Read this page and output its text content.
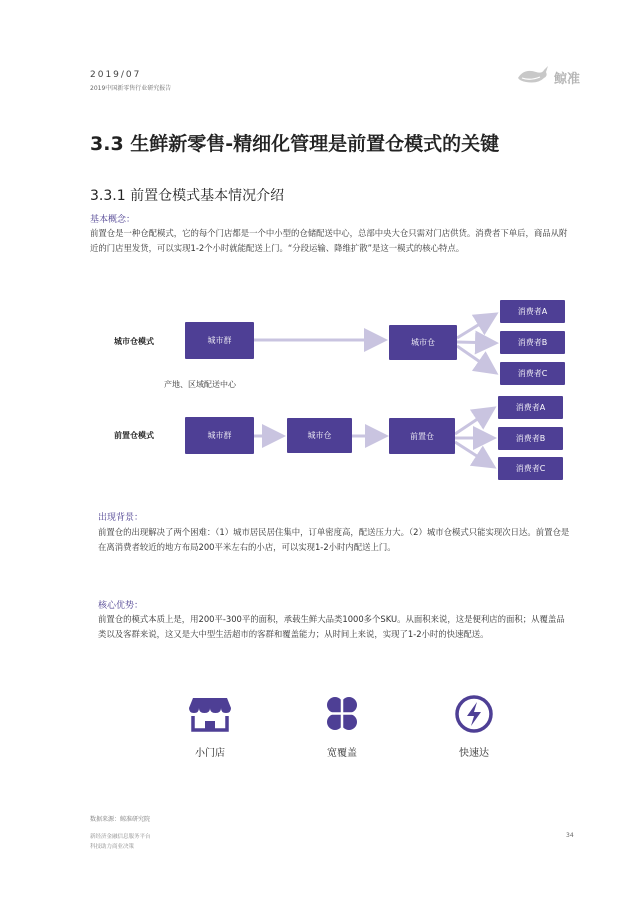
2019/07
2019中国新零售行业研究报告
鲸准
3.3 生鲜新零售-精细化管理是前置仓模式的关键
3.3.1 前置仓模式基本情况介绍
基本概念：
前置仓是一种仓配模式，它的每个门店都是一个中小型的仓储配送中心，总部中央大仓只需对门店供货。消费者下单后，商品从附近的门店里发货，可以实现1-2个小时就能配送上门。“分段运输、降维扩散”是这一模式的核心特点。
城市仓模式
前置仓模式
产地、区域配送中心
城市群	城市仓
消费者A
消费者B
消费者C
城市群	城市仓	前置仓
消费者A
消费者B
消费者C
出现背景：
前置仓的出现解决了两个困难：（1）城市居民居住集中，订单密度高，配送压力大。（2）城市仓模式只能实现次日达。前置仓是在离消费者较近的地方布局200平米左右的小店，可以实现1-2小时内配送上门。
核心优势：
前置仓的模式本质上是，用200平-300平的面积，承载生鲜大品类1000多个SKU。从面积来说，这是便利店的面积；从覆盖品类以及客群来说，这又是大中型生活超市的客群和覆盖能力；从时间上来说，实现了1-2小时的快速配送。
小门店	宽覆盖	快速达
数据来源：鲸准研究院
新经济金融信息服务平台
科技助力商业决策
34
